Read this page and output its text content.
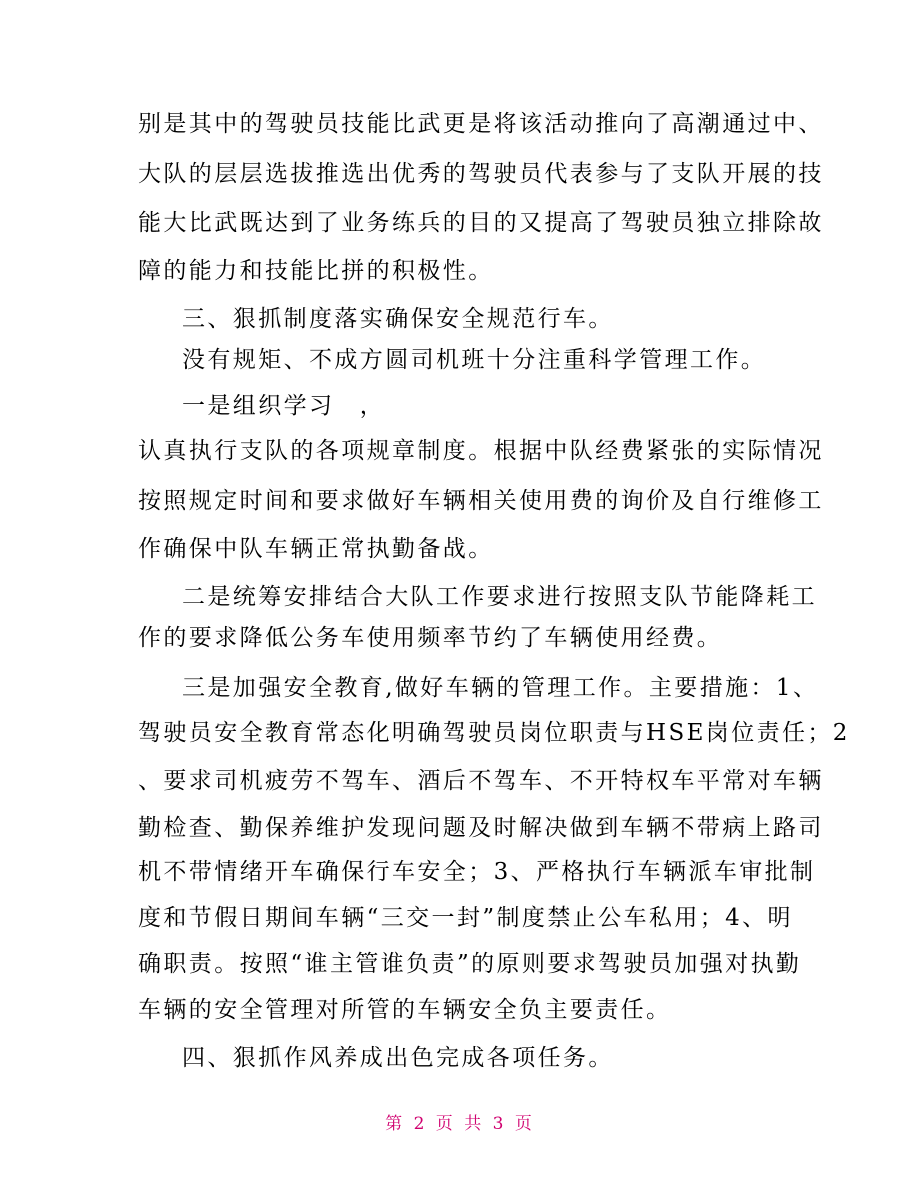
别是其中的驾驶员技能比武更是将该活动推向了高潮通过中、
大队的层层选拔推选出优秀的驾驶员代表参与了支队开展的技
能大比武既达到了业务练兵的目的又提高了驾驶员独立排除故
障的能力和技能比拼的积极性。
三、狠抓制度落实确保安全规范行车。
没有规矩、不成方圆司机班十分注重科学管理工作。
一是组织学习　，
认真执行支队的各项规章制度。根据中队经费紧张的实际情况
按照规定时间和要求做好车辆相关使用费的询价及自行维修工
作确保中队车辆正常执勤备战。
二是统筹安排结合大队工作要求进行按照支队节能降耗工
作的要求降低公务车使用频率节约了车辆使用经费。
三是加强安全教育,做好车辆的管理工作。主要措施：1、
驾驶员安全教育常态化明确驾驶员岗位职责与HSE岗位责任；2
、要求司机疲劳不驾车、酒后不驾车、不开特权车平常对车辆
勤检查、勤保养维护发现问题及时解决做到车辆不带病上路司
机不带情绪开车确保行车安全；3、严格执行车辆派车审批制
度和节假日期间车辆“三交一封”制度禁止公车私用；4、明
确职责。按照“谁主管谁负责”的原则要求驾驶员加强对执勤
车辆的安全管理对所管的车辆安全负主要责任。
四、狠抓作风养成出色完成各项任务。
第 2 页 共 3 页
